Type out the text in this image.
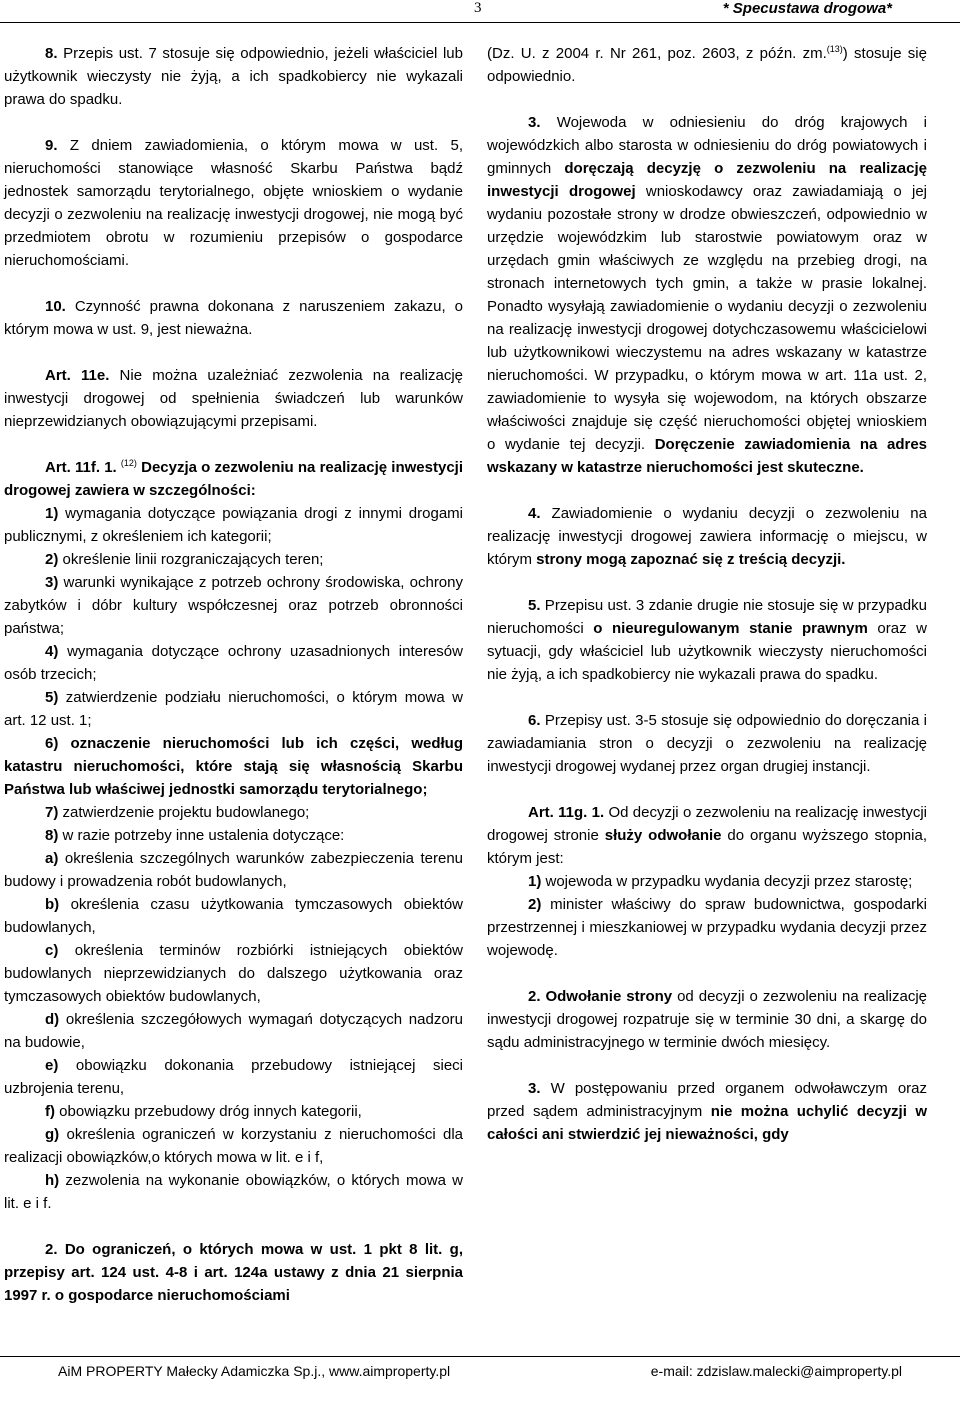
3	* Specustawa drogowa*

8. Przepis ust. 7 stosuje się odpowiednio, jeżeli właściciel lub użytkownik wieczysty nie żyją, a ich spadkobiercy nie wykazali prawa do spadku.

9. Z dniem zawiadomienia, o którym mowa w ust. 5, nieruchomości stanowiące własność Skarbu Państwa bądź jednostek samorządu terytorialnego, objęte wnioskiem o wydanie decyzji o zezwoleniu na realizację inwestycji drogowej, nie mogą być przedmiotem obrotu w rozumieniu przepisów o gospodarce nieruchomościami.

10. Czynność prawna dokonana z naruszeniem zakazu, o którym mowa w ust. 9, jest nieważna.

Art. 11e. Nie można uzależniać zezwolenia na realizację inwestycji drogowej od spełnienia świadczeń lub warunków nieprzewidzianych obowiązującymi przepisami.

Art. 11f. 1. $^{(12)}$ Decyzja o zezwoleniu na realizację inwestycji drogowej zawiera w szczególności:

1) wymagania dotyczące powiązania drogi z innymi drogami publicznymi, z określeniem ich kategorii;

2) określenie linii rozgraniczających teren;

3) warunki wynikające z potrzeb ochrony środowiska, ochrony zabytków i dóbr kultury współczesnej oraz potrzeb obronności państwa;

4) wymagania dotyczące ochrony uzasadnionych interesów osób trzecich;

5) zatwierdzenie podziału nieruchomości, o którym mowa w art. 12 ust. 1;

6) oznaczenie nieruchomości lub ich części, według katastru nieruchomości, które stają się własnością Skarbu Państwa lub właściwej jednostki samorządu terytorialnego;

7) zatwierdzenie projektu budowlanego;

8) w razie potrzeby inne ustalenia dotyczące:

a) określenia szczególnych warunków zabezpieczenia terenu budowy i prowadzenia robót budowlanych,

b) określenia czasu użytkowania tymczasowych obiektów budowlanych,

c) określenia terminów rozbiórki istniejących obiektów budowlanych nieprzewidzianych do dalszego użytkowania oraz tymczasowych obiektów budowlanych,

d) określenia szczegółowych wymagań dotyczących nadzoru na budowie,

e) obowiązku dokonania przebudowy istniejącej sieci uzbrojenia terenu,

f) obowiązku przebudowy dróg innych kategorii,

g) określenia ograniczeń w korzystaniu z nieruchomości dla realizacji obowiązków,o których mowa w lit. e i f,

h) zezwolenia na wykonanie obowiązków, o których mowa w lit. e i f.

2. Do ograniczeń, o których mowa w ust. 1 pkt 8 lit. g, przepisy art. 124 ust. 4-8 i art. 124a ustawy z dnia 21 sierpnia 1997 r. o gospodarce nieruchomościami

(Dz. U. z 2004 r. Nr 261, poz. 2603, z późn. zm.$^{(13)}$) stosuje się odpowiednio.

3. Wojewoda w odniesieniu do dróg krajowych i wojewódzkich albo starosta w odniesieniu do dróg powiatowych i gminnych doręczają decyzję o zezwoleniu na realizację inwestycji drogowej wnioskodawcy oraz zawiadamiają o jej wydaniu pozostałe strony w drodze obwieszczeń, odpowiednio w urzędzie wojewódzkim lub starostwie powiatowym oraz w urzędach gmin właściwych ze względu na przebieg drogi, na stronach internetowych tych gmin, a także w prasie lokalnej. Ponadto wysyłają zawiadomienie o wydaniu decyzji o zezwoleniu na realizację inwestycji drogowej dotychczasowemu właścicielowi lub użytkownikowi wieczystemu na adres wskazany w katastrze nieruchomości. W przypadku, o którym mowa w art. 11a ust. 2, zawiadomienie to wysyła się wojewodom, na których obszarze właściwości znajduje się część nieruchomości objętej wnioskiem o wydanie tej decyzji. Doręczenie zawiadomienia na adres wskazany w katastrze nieruchomości jest skuteczne.

4. Zawiadomienie o wydaniu decyzji o zezwoleniu na realizację inwestycji drogowej zawiera informację o miejscu, w którym strony mogą zapoznać się z treścią decyzji.

5. Przepisu ust. 3 zdanie drugie nie stosuje się w przypadku nieruchomości o nieuregulowanym stanie prawnym oraz w sytuacji, gdy właściciel lub użytkownik wieczysty nieruchomości nie żyją, a ich spadkobiercy nie wykazali prawa do spadku.

6. Przepisy ust. 3-5 stosuje się odpowiednio do doręczania i zawiadamiania stron o decyzji o zezwoleniu na realizację inwestycji drogowej wydanej przez organ drugiej instancji.

Art. 11g. 1. Od decyzji o zezwoleniu na realizację inwestycji drogowej stronie służy odwołanie do organu wyższego stopnia, którym jest:

1) wojewoda w przypadku wydania decyzji przez starostę;

2) minister właściwy do spraw budownictwa, gospodarki przestrzennej i mieszkaniowej w przypadku wydania decyzji przez wojewodę.

2. Odwołanie strony od decyzji o zezwoleniu na realizację inwestycji drogowej rozpatruje się w terminie 30 dni, a skargę do sądu administracyjnego w terminie dwóch miesięcy.

3. W postępowaniu przed organem odwoławczym oraz przed sądem administracyjnym nie można uchylić decyzji w całości ani stwierdzić jej nieważności, gdy

AiM PROPERTY Małecky Adamiczka Sp.j., www.aimproperty.pl	e-mail: zdzislaw.malecki@aimproperty.pl
